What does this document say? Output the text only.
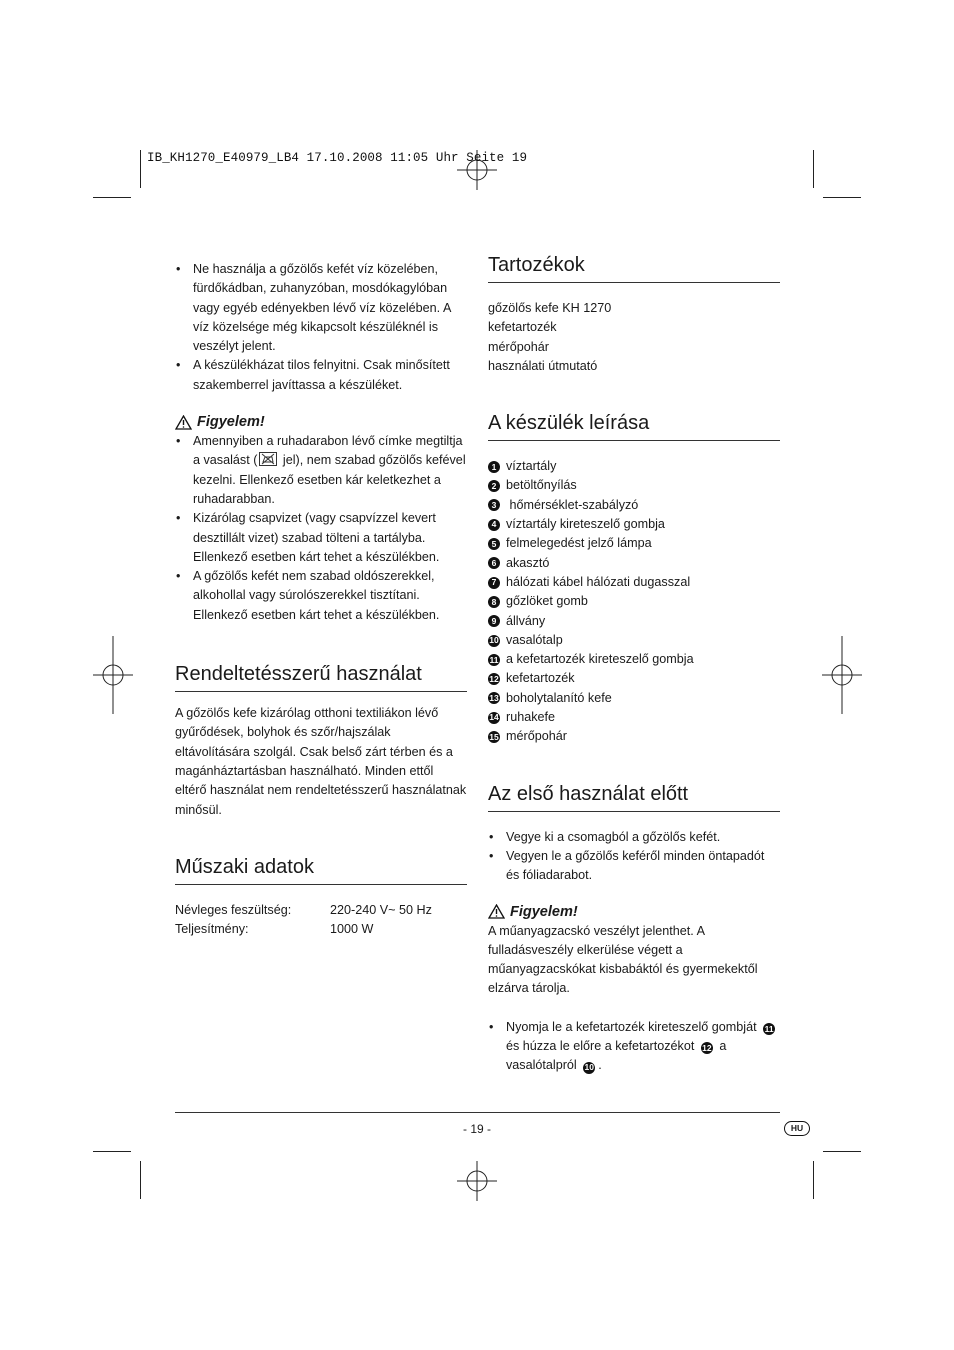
IB_KH1270_E40979_LB4 17.10.2008 11:05 Uhr Seite 19
• Ne használja a gőzölős kefét víz közelében, fürdőkádban, zuhanyzóban, mosdókagylóban vagy egyéb edényekben lévő víz közelében. A víz közelsége még kikapcsolt készüléknél is veszélyt jelent.
• A készülékházat tilos felnyitni. Csak minősített szakemberrel javíttassa a készüléket.
Figyelem!
• Amennyiben a ruhadarabon lévő címke megtiltja a vasalást (
jel), nem szabad gőzölős kefével kezelni. Ellenkező esetben kár keletkezhet a ruhadarabban.
• Kizárólag csapvizet (vagy csapvízzel kevert desztillált vizet) szabad tölteni a tartályba. Ellenkező esetben kárt tehet a készülékben.
• A gőzölős kefét nem szabad oldószerekkel, alkohollal vagy súrolószerekkel tisztítani. Ellenkező esetben kárt tehet a készülékben.
Rendeltetésszerű használat

A gőzölős kefe kizárólag otthoni textiliákon lévő gyűrődések, bolyhok és szőr/hajszálak eltávolítására szolgál. Csak belső zárt térben és a magánháztartásban használható. Minden ettől eltérő használat nem rendeltetésszerű használatnak minősül.

Műszaki adatok
Névleges feszültség:	220-240 V~ 50 Hz
Teljesítmény:	1000 W
Tartozékok
gőzölős kefe KH 1270
kefetartozék
mérőpohár
használati útmutató
A készülék leírása
1 víztartály
2 betöltőnyílás
3 hőmérséklet-szabályzó
4 víztartály kireteszelő gombja
5 felmelegedést jelző lámpa
6 akasztó
7 hálózati kábel hálózati dugasszal
8 gőzlöket gomb
9 állvány
10 vasalótalp
11 a kefetartozék kireteszelő gombja
12 kefetartozék
13 boholytalanító kefe
14 ruhakefe
15 mérőpohár
Az első használat előtt
• Vegye ki a csomagból a gőzölős kefét.
• Vegyen le a gőzölős keféről minden öntapadót és fóliadarabot.
Figyelem!

A műanyagzacskó veszélyt jelenthet. A fulladásveszély elkerülése végett a műanyagzacskókat kisbabáktól és gyermekektől elzárva tárolja.

• Nyomja le a kefetartozék kireteszelő gombját 11 és húzza le előre a kefetartozékot 12 a vasalótalpról 10 .
- 19 -	HU
